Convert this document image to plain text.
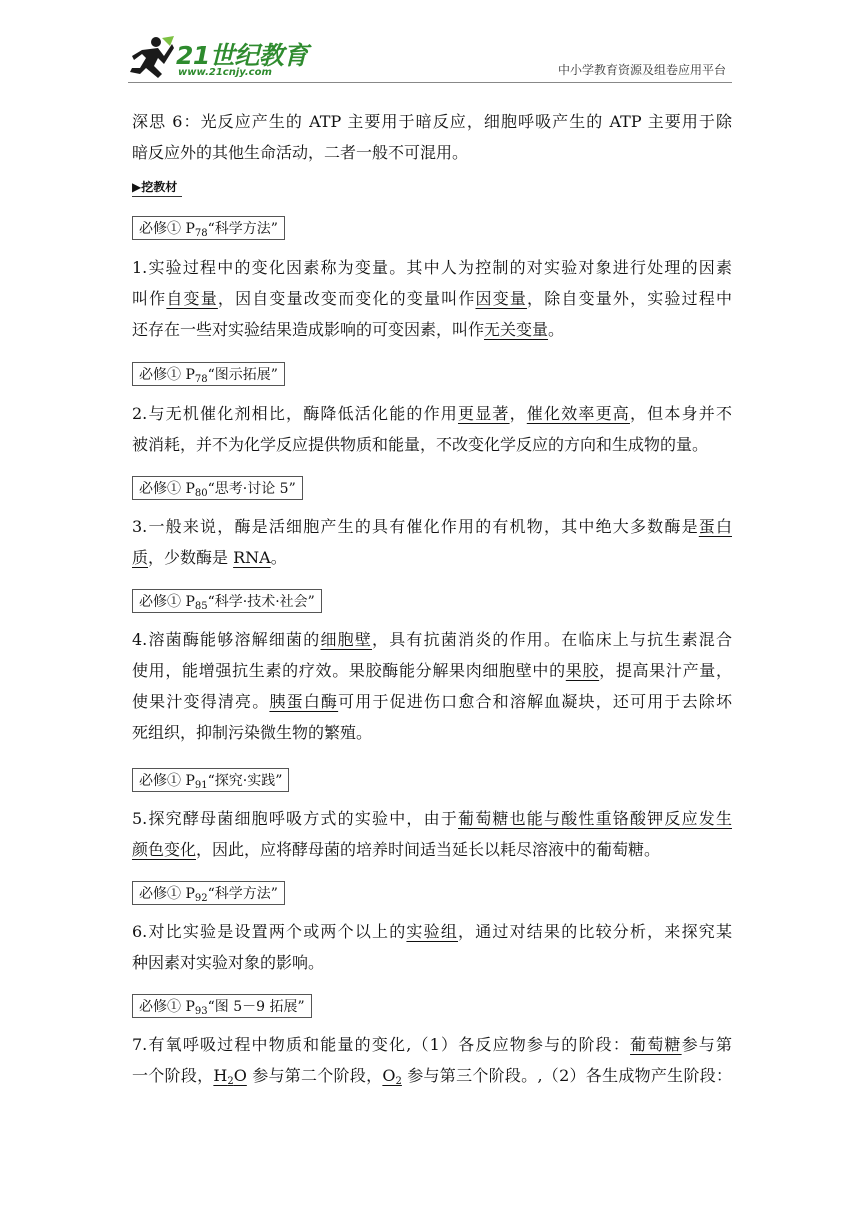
21世纪教育
www.21cnjy.com	中小学教育资源及组卷应用平台
深思 6：光反应产生的 ATP 主要用于暗反应，细胞呼吸产生的 ATP 主要用于除
暗反应外的其他生命活动，二者一般不可混用。
▶挖教材
必修① $P_{78}“$科学方法”
1.实验过程中的变化因素称为变量。其中人为控制的对实验对象进行处理的因素
叫作自变量，因自变量改变而变化的变量叫作因变量，除自变量外，实验过程中
还存在一些对实验结果造成影响的可变因素，叫作无关变量。
必修① $P_{78}“$图示拓展”
2.与无机催化剂相比，酶降低活化能的作用更显著，催化效率更高，但本身并不
被消耗，并不为化学反应提供物质和能量，不改变化学反应的方向和生成物的量。
必修① $P_{80}“$思考·讨论 5”
3.一般来说，酶是活细胞产生的具有催化作用的有机物，其中绝大多数酶是蛋白
质，少数酶是 RNA。
必修① $P_{85}“$科学·技术·社会”
4.溶菌酶能够溶解细菌的细胞壁，具有抗菌消炎的作用。在临床上与抗生素混合
使用，能增强抗生素的疗效。果胶酶能分解果肉细胞壁中的果胶，提高果汁产量，
使果汁变得清亮。胰蛋白酶可用于促进伤口愈合和溶解血凝块，还可用于去除坏
死组织，抑制污染微生物的繁殖。
必修① $P_{91}“$探究·实践”
5.探究酵母菌细胞呼吸方式的实验中，由于葡萄糖也能与酸性重铬酸钾反应发生
颜色变化，因此，应将酵母菌的培养时间适当延长以耗尽溶液中的葡萄糖。
必修① $P_{92}“$科学方法”
6.对比实验是设置两个或两个以上的实验组，通过对结果的比较分析，来探究某
种因素对实验对象的影响。
必修① $P_{93}“$图 5－9 拓展”
7.有氧呼吸过程中物质和能量的变化,（1）各反应物参与的阶段：葡萄糖参与第
一个阶段，$H_2O$ 参与第二个阶段，$O_2$ 参与第三个阶段。,（2）各生成物产生阶段：
